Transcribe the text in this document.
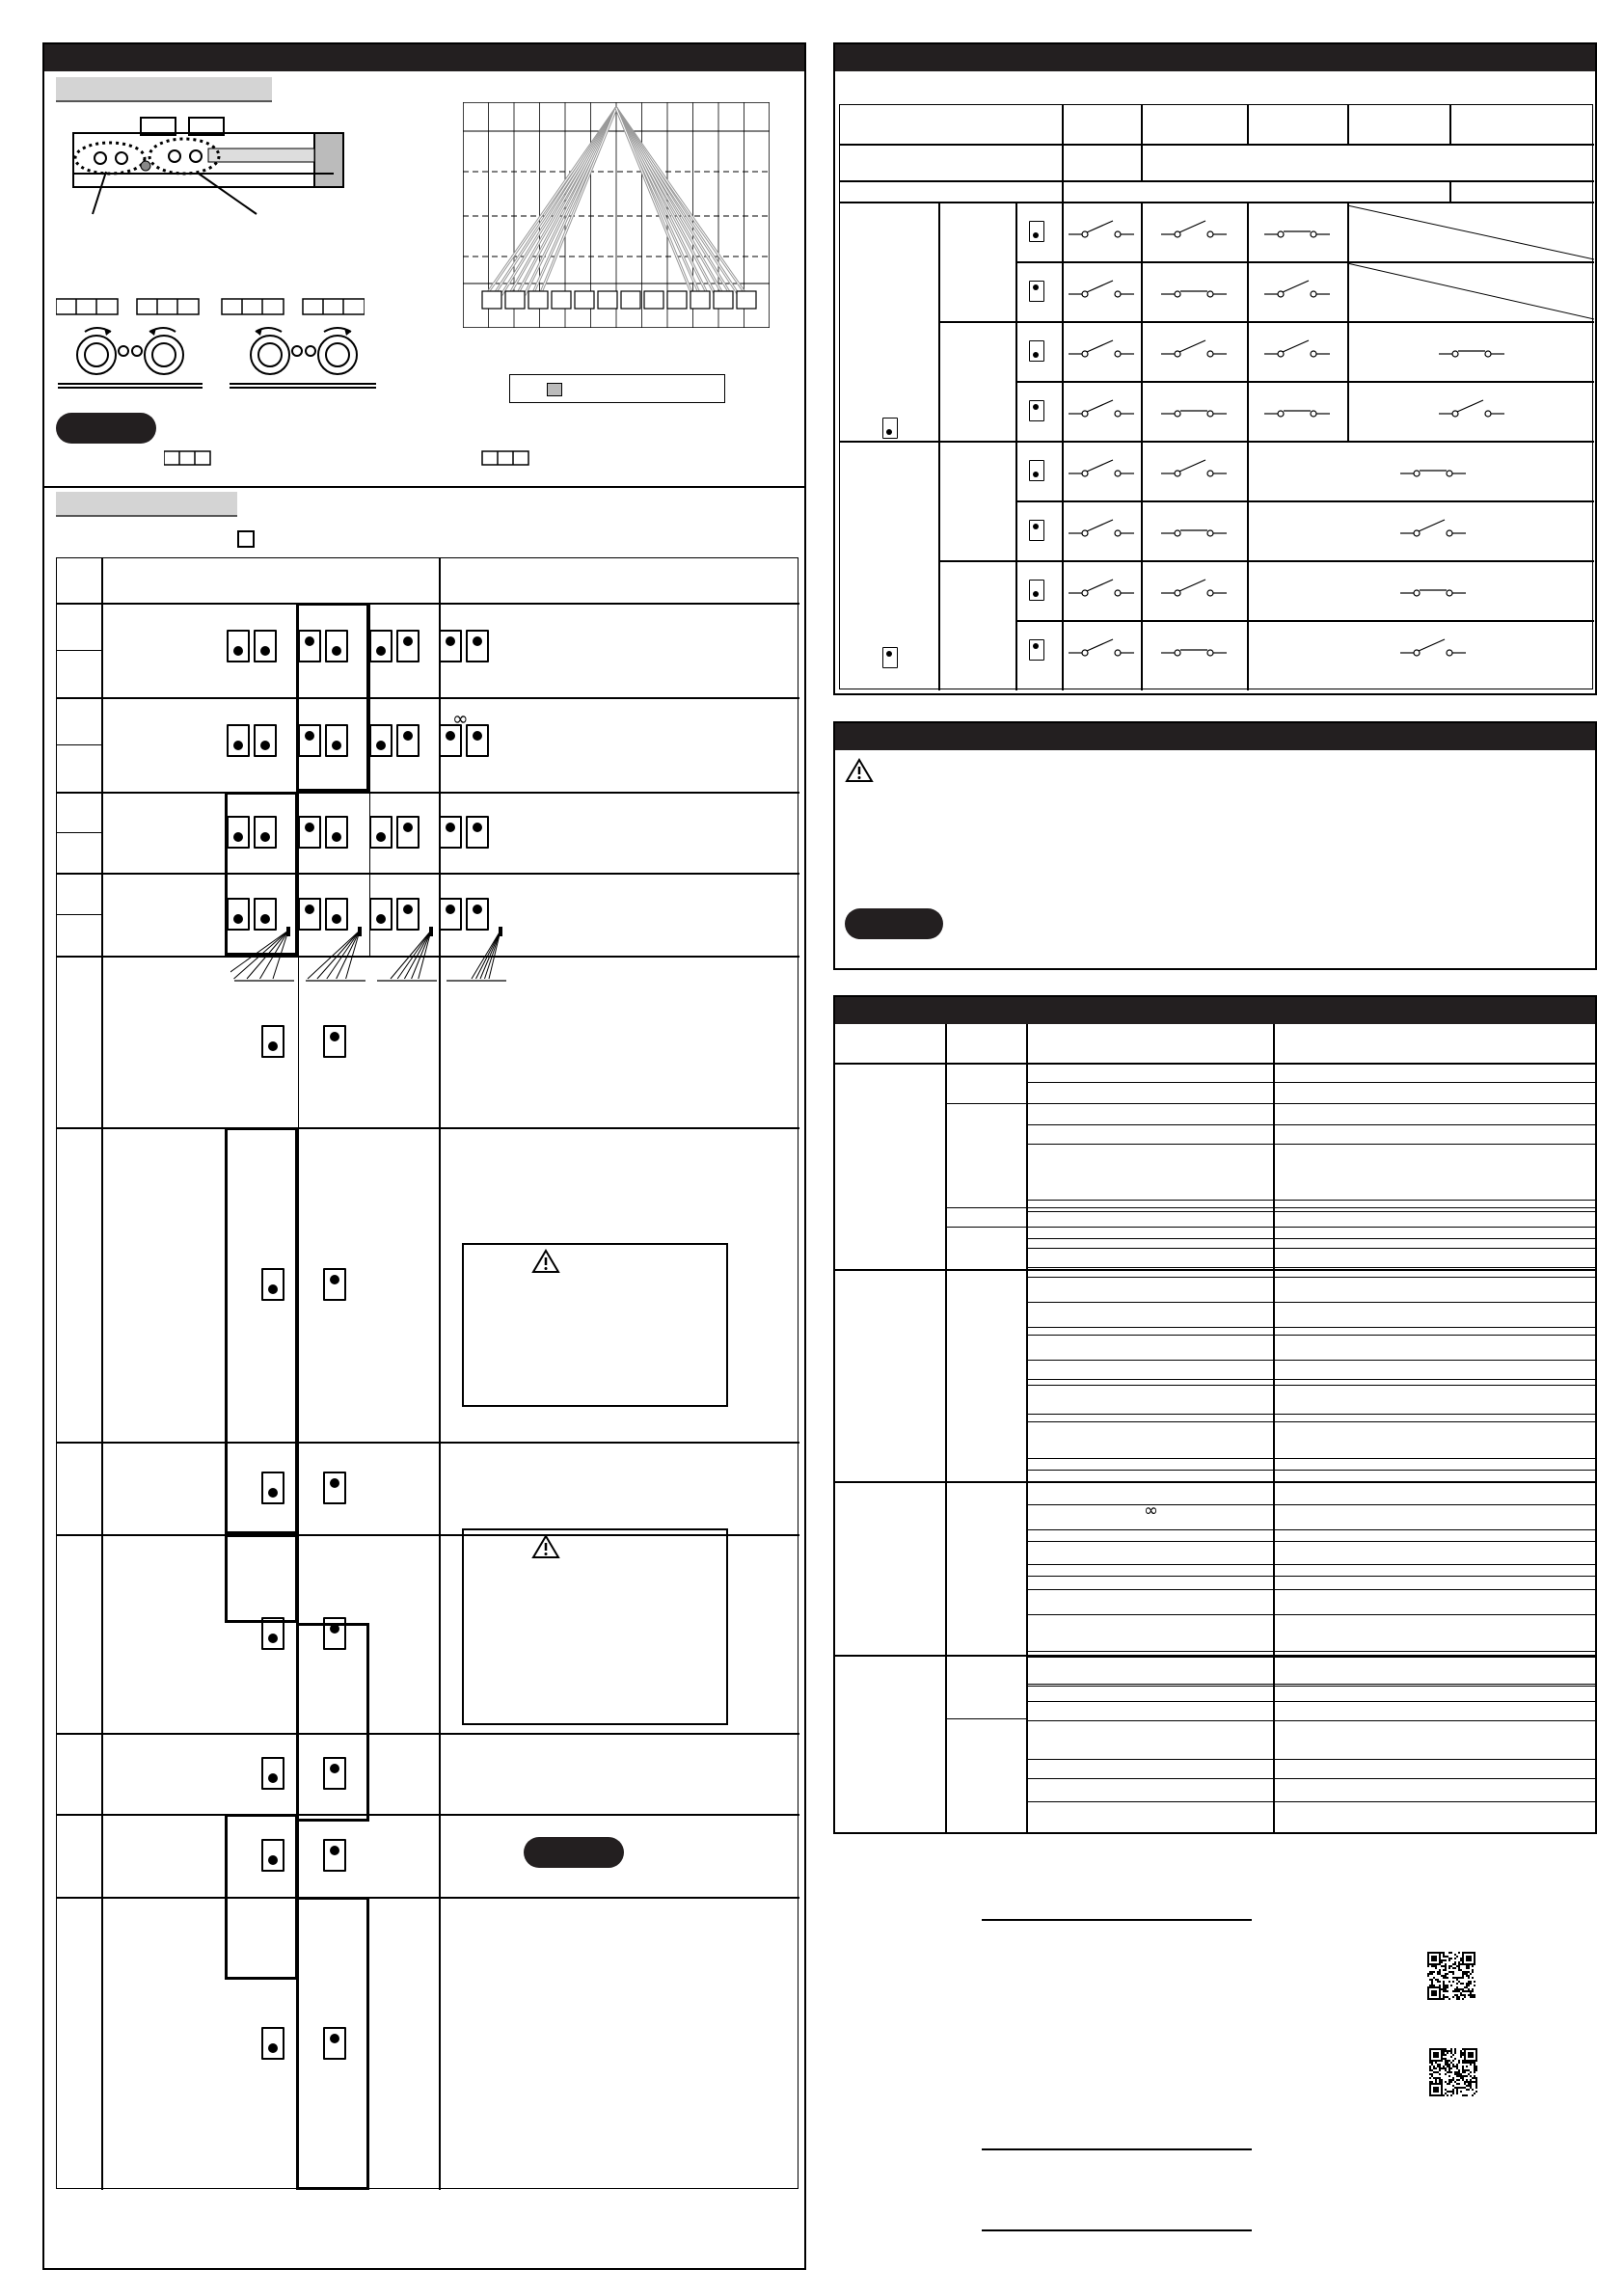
∞
∞
